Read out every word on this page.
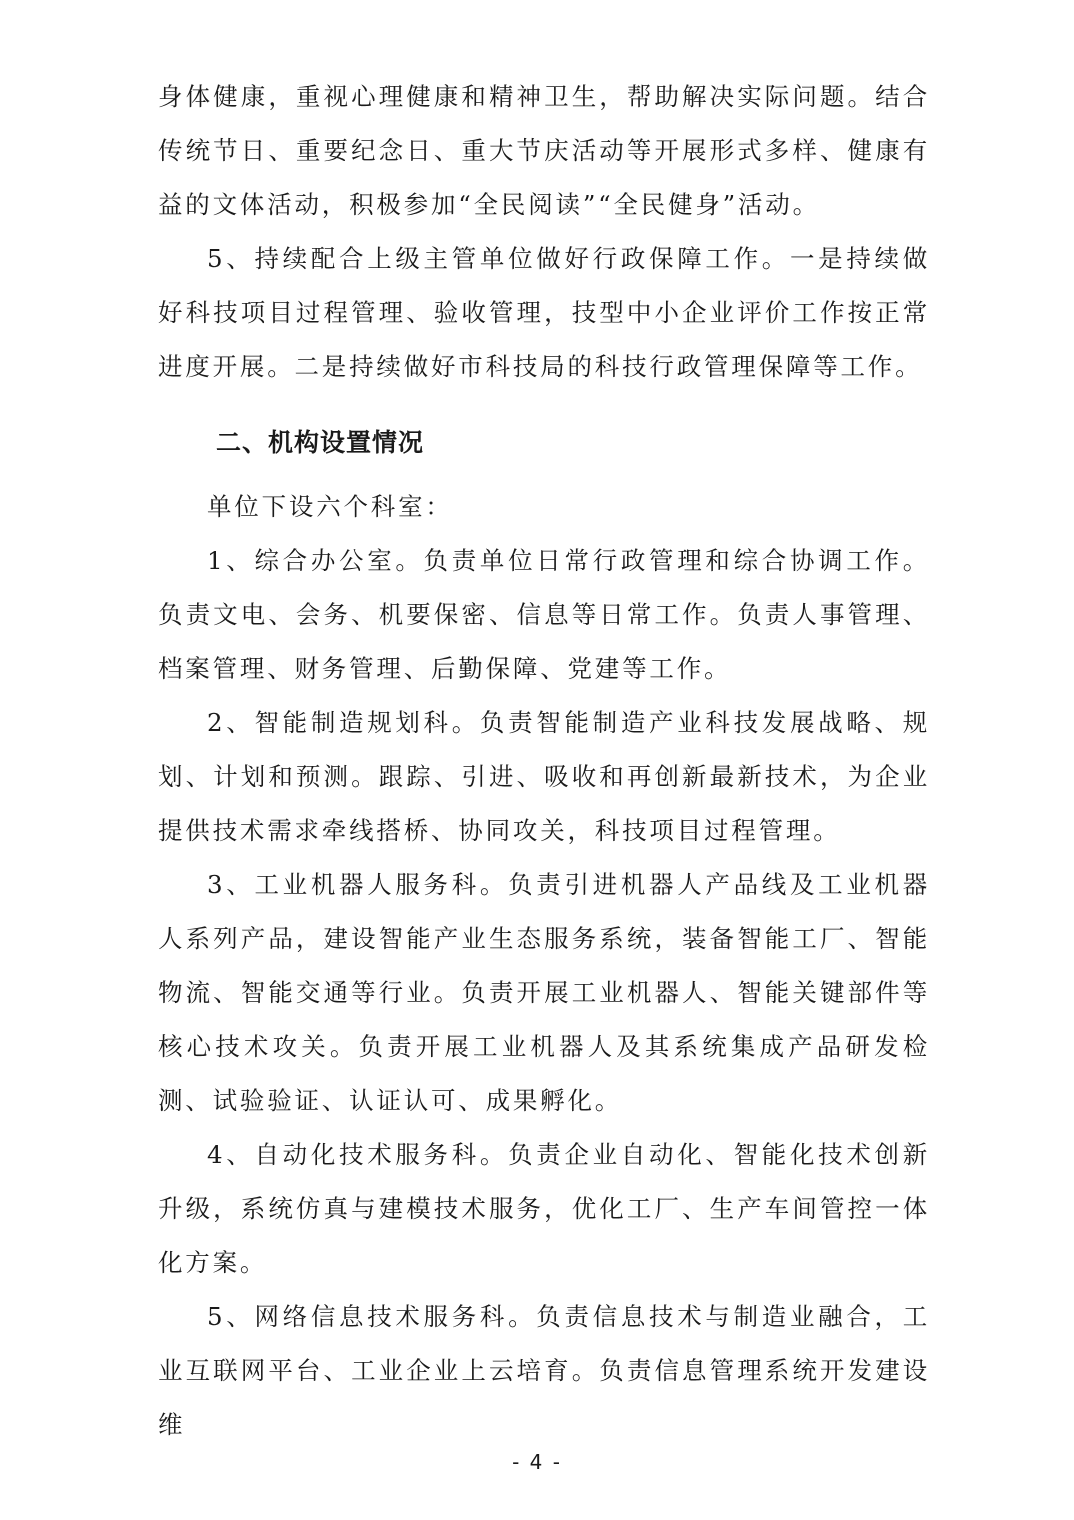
身体健康，重视心理健康和精神卫生，帮助解决实际问题。结合传统节日、重要纪念日、重大节庆活动等开展形式多样、健康有益的文体活动，积极参加“全民阅读”“全民健身”活动。

5、持续配合上级主管单位做好行政保障工作。一是持续做好科技项目过程管理、验收管理，技型中小企业评价工作按正常进度开展。二是持续做好市科技局的科技行政管理保障等工作。

二、机构设置情况

单位下设六个科室：

1、综合办公室。负责单位日常行政管理和综合协调工作。负责文电、会务、机要保密、信息等日常工作。负责人事管理、档案管理、财务管理、后勤保障、党建等工作。

2、智能制造规划科。负责智能制造产业科技发展战略、规划、计划和预测。跟踪、引进、吸收和再创新最新技术，为企业提供技术需求牵线搭桥、协同攻关，科技项目过程管理。

3、工业机器人服务科。负责引进机器人产品线及工业机器人系列产品，建设智能产业生态服务系统，装备智能工厂、智能物流、智能交通等行业。负责开展工业机器人、智能关键部件等核心技术攻关。负责开展工业机器人及其系统集成产品研发检测、试验验证、认证认可、成果孵化。

4、自动化技术服务科。负责企业自动化、智能化技术创新升级，系统仿真与建模技术服务，优化工厂、生产车间管控一体化方案。

5、网络信息技术服务科。负责信息技术与制造业融合，工业互联网平台、工业企业上云培育。负责信息管理系统开发建设维

- 4 -
